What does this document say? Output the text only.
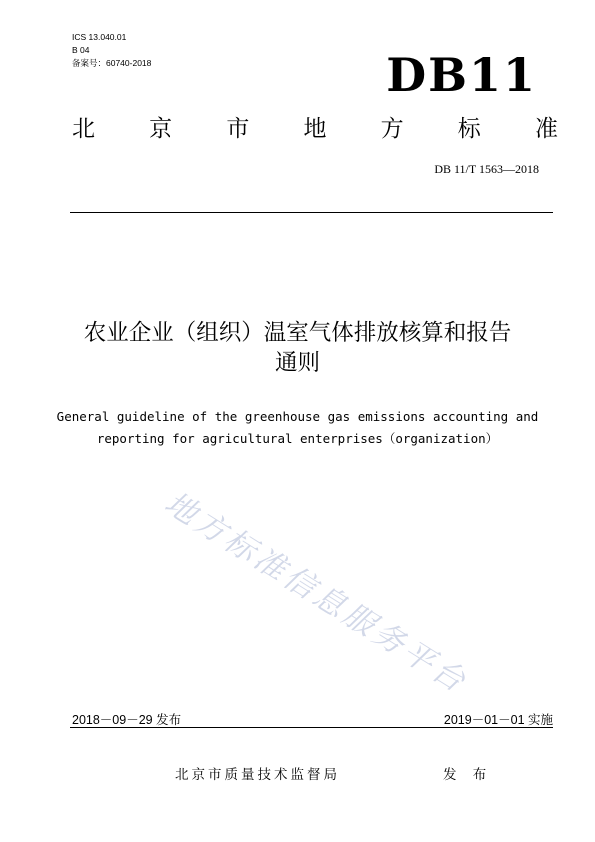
ICS 13.040.01
B 04
备案号：60740-2018	DB11
北 京 市 地 方 标 准
DB 11/T 1563—2018
农业企业（组织）温室气体排放核算和报告
通则
General guideline of the greenhouse gas emissions accounting and
reporting for agricultural enterprises（organization）
地方标准信息服务平台
2018－09－29 发布	2019－01－01 实施
北京市质量技术监督局	发 布
